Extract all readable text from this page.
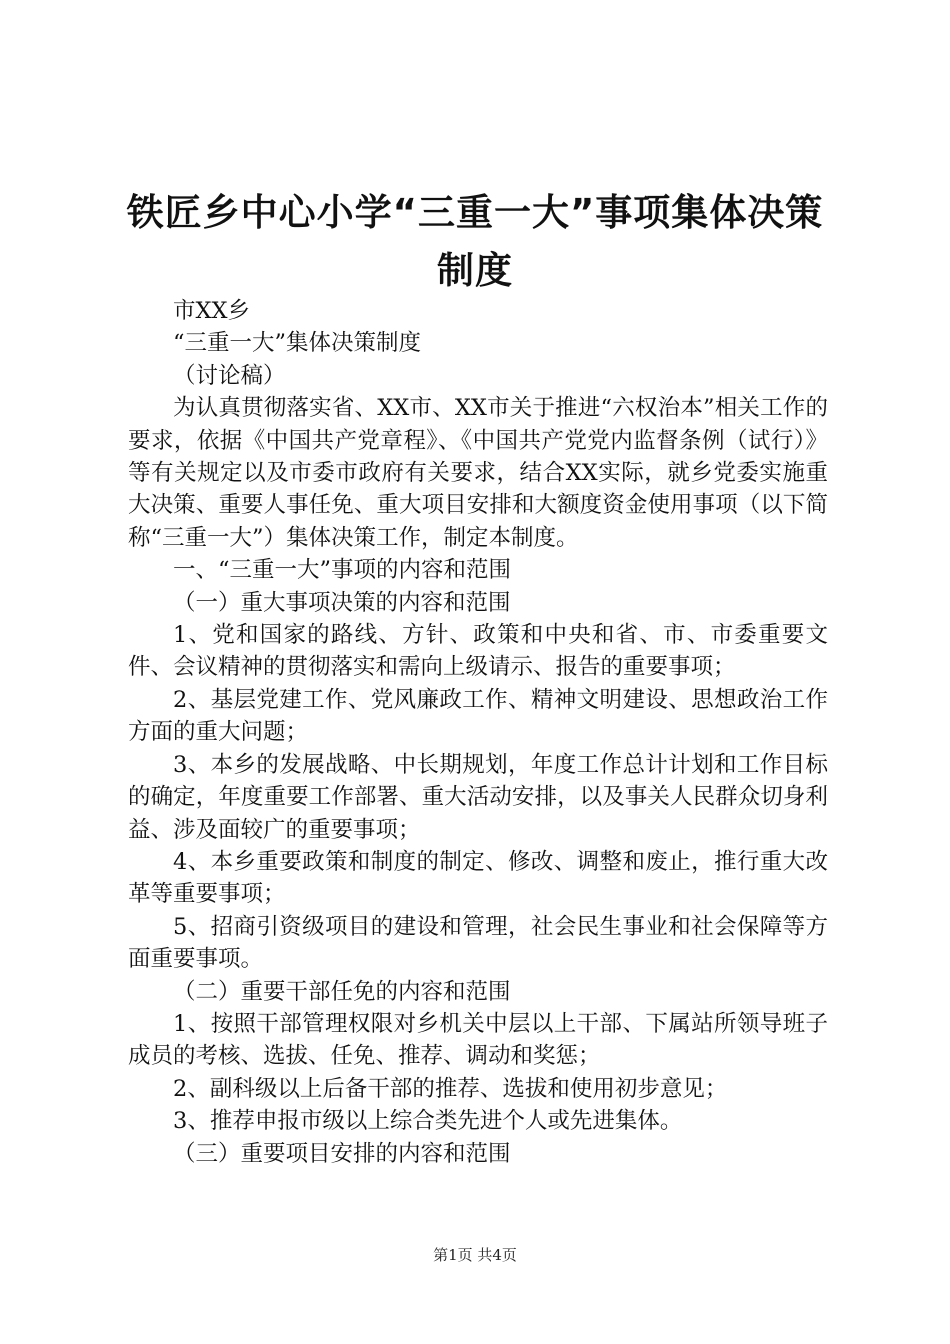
铁匠乡中心小学“三重一大”事项集体决策制度

市XX乡

“三重一大”集体决策制度

（讨论稿）

为认真贯彻落实省、XX市、XX市关于推进“六权治本”相关工作的要求，依据《中国共产党章程》、《中国共产党党内监督条例（试行）》等有关规定以及市委市政府有关要求，结合XX实际，就乡党委实施重大决策、重要人事任免、重大项目安排和大额度资金使用事项（以下简称“三重一大”）集体决策工作，制定本制度。

一、“三重一大”事项的内容和范围

（一）重大事项决策的内容和范围

1、党和国家的路线、方针、政策和中央和省、市、市委重要文件、会议精神的贯彻落实和需向上级请示、报告的重要事项；

2、基层党建工作、党风廉政工作、精神文明建设、思想政治工作方面的重大问题；

3、本乡的发展战略、中长期规划，年度工作总计计划和工作目标的确定，年度重要工作部署、重大活动安排，以及事关人民群众切身利益、涉及面较广的重要事项；

4、本乡重要政策和制度的制定、修改、调整和废止，推行重大改革等重要事项；

5、招商引资级项目的建设和管理，社会民生事业和社会保障等方面重要事项。

（二）重要干部任免的内容和范围

1、按照干部管理权限对乡机关中层以上干部、下属站所领导班子成员的考核、选拔、任免、推荐、调动和奖惩；

2、副科级以上后备干部的推荐、选拔和使用初步意见；

3、推荐申报市级以上综合类先进个人或先进集体。

（三）重要项目安排的内容和范围

第1页 共4页
